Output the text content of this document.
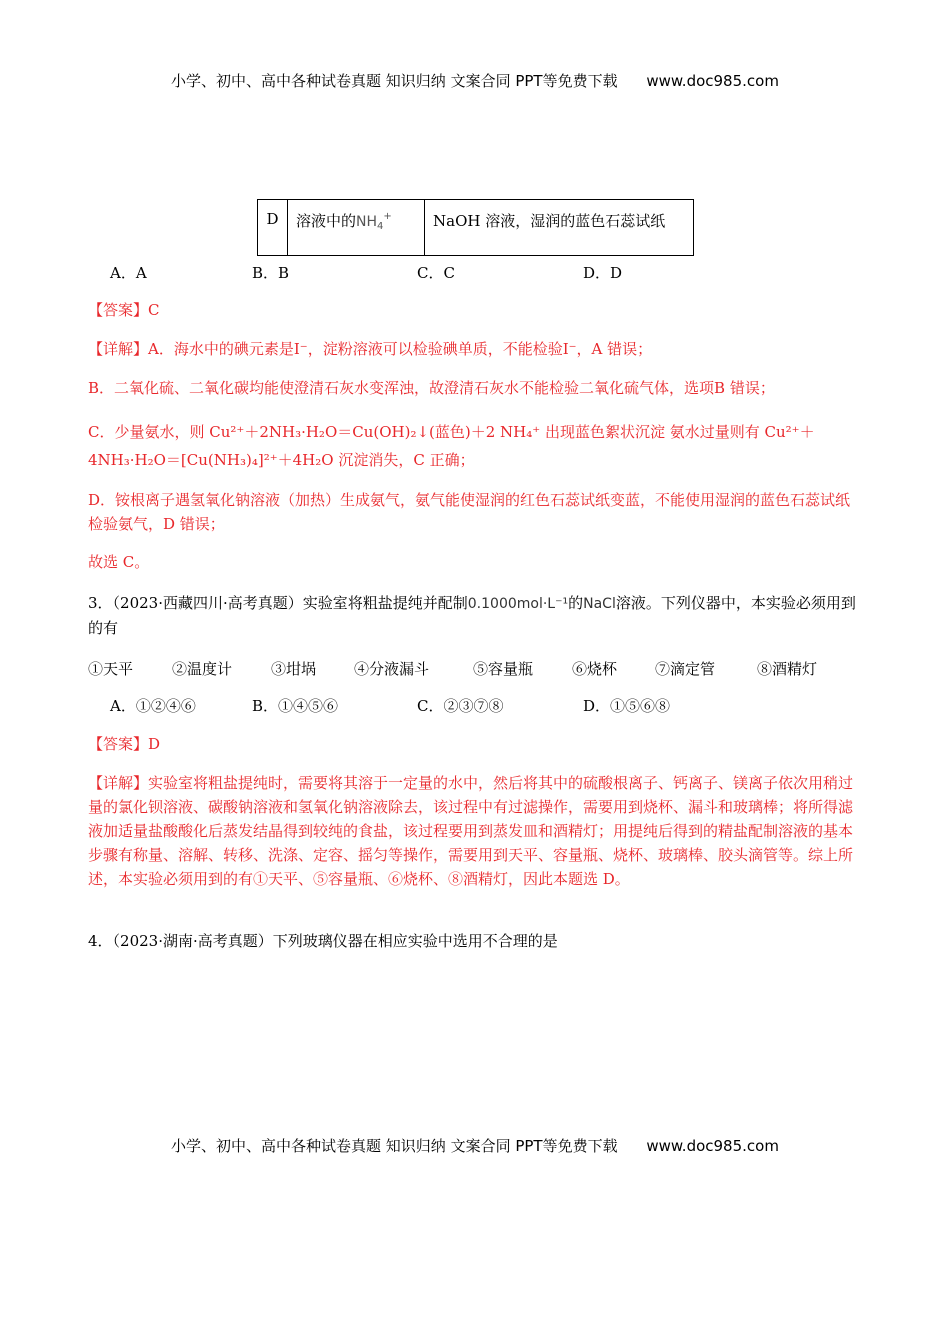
小学、初中、高中各种试卷真题 知识归纳 文案合同 PPT等免费下载 www.doc985.com
D	溶液中的$NH_4^+$	NaOH 溶液，湿润的蓝色石蕊试纸
A．A	B．B	C．C	D．D
【答案】C
【详解】A．海水中的碘元素是I⁻，淀粉溶液可以检验碘单质，不能检验I⁻，A 错误；
B．二氧化硫、二氧化碳均能使澄清石灰水变浑浊，故澄清石灰水不能检验二氧化硫气体，选项B 错误；
C．少量氨水，则 Cu²⁺＋2NH₃·H₂O＝Cu(OH)₂↓(蓝色)＋2 NH₄⁺ 出现蓝色絮状沉淀 氨水过量则有 Cu²⁺＋
4NH₃·H₂O＝[Cu(NH₃)₄]²⁺＋4H₂O 沉淀消失，C 正确；
D．铵根离子遇氢氧化钠溶液（加热）生成氨气，氨气能使湿润的红色石蕊试纸变蓝，不能使用湿润的蓝色石蕊试纸检验氨气，D 错误；
故选 C。
3．（2023·西藏四川·高考真题）实验室将粗盐提纯并配制0.1000mol·L⁻¹的NaCl溶液。下列仪器中，本实验必须用到的有
①天平	②温度计	③坩埚	④分液漏斗	⑤容量瓶	⑥烧杯	⑦滴定管	⑧酒精灯
A．①②④⑥	B．①④⑤⑥	C．②③⑦⑧	D．①⑤⑥⑧
【答案】D
【详解】实验室将粗盐提纯时，需要将其溶于一定量的水中，然后将其中的硫酸根离子、钙离子、镁离子依次用稍过量的氯化钡溶液、碳酸钠溶液和氢氧化钠溶液除去，该过程中有过滤操作，需要用到烧杯、漏斗和玻璃棒；将所得滤液加适量盐酸酸化后蒸发结晶得到较纯的食盐，该过程要用到蒸发皿和酒精灯；用提纯后得到的精盐配制溶液的基本步骤有称量、溶解、转移、洗涤、定容、摇匀等操作，需要用到天平、容量瓶、烧杯、玻璃棒、胶头滴管等。综上所述，本实验必须用到的有①天平、⑤容量瓶、⑥烧杯、⑧酒精灯，因此本题选 D。
4．（2023·湖南·高考真题）下列玻璃仪器在相应实验中选用不合理的是
小学、初中、高中各种试卷真题 知识归纳 文案合同 PPT等免费下载 www.doc985.com
